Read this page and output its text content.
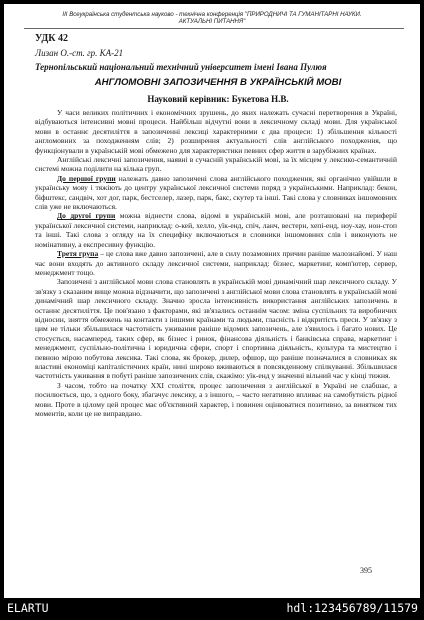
III Всеукраїнська студентська науково - технічна конференція "ПРИРОДНИЧІ ТА ГУМАНІТАРНІ НАУКИ.
АКТУАЛЬНІ ПИТАННЯ"
УДК 42
Лизан О.-ст. гр. КА-21
Тернопільський національний технічний університет імені Івана Пулюя
АНГЛОМОВНІ ЗАПОЗИЧЕННЯ В УКРАЇНСЬКІЙ МОВІ
Науковий керівник: Букетова Н.В.

У часи великих політичних і економічних зрушень, до яких належать сучасні перетворення в Україні, відбуваються інтенсивні мовні процеси. Найбільш відчутні вони в лексичному складі мови. Для української мови в останнє десятиліття в запозиченні лексиці характерними є два процеси: 1) збільшення кількості англомовних за походженням слів; 2) розширення актуальності слів англійського походження, що функціонували в українській мові обмежено для характеристики певних сфер життя в зарубіжних країнах.

Англійські лексичні запозичення, наявні в сучасній українській мові, за їх місцем у лексико-семантичній системі можна поділити на кілька груп.

До першої групи належать давно запозичені слова англійського походження, які органічно увійшли в українську мову і тяжіють до центру української лексичної системи поряд з українськими. Наприклад: бекон, біфштекс, сандвіч, хот дог, парк, бестселер, лазер, парк, бакс, скутер та інші. Такі слова у словниках іншомовних слів уже не включаються.

До другої групи можна віднести слова, відомі в українській мові, але розташовані на периферії української лексичної системи, наприклад: о-кей, хелло, уїк-енд, спіч, ланч, вестерн, хепі-енд, ноу-хау, нон-стоп та інші. Такі слова з огляду на їх специфіку включаються в словники іншомовних слів і виконують не номінативну, а експресивну функцію.

Третя група – це слова вже давно запозичені, але в силу позамовних причин раніше малознайомі. У наш час вони входять до активного складу лексичної системи, наприклад: бізнес, маркетинг, комп'ютер, сервер, менеджмент тощо.

Запозичені з англійської мови слова становлять в українській мові динамічний шар лексичного складу. У зв'язку з сказаним вище можна відзначити, що запозичені з англійської мови слова становлять в українській мові динамічний шар лексичного складу. Значно зросла інтенсивність використання англійських запозичень в останнє десятиліття. Це пов'язано з факторами, які зв'язались останнім часом: зміна суспільних та виробничих відносин, зняття обмежень на контакти з іншими країнами та людьми, гласність і відкритість преси. У зв'язку з цим не тільки збільшилася частотність уживання раніше відомих запозичень, але з'явилось і багато нових. Це стосується, насамперед, таких сфер, як бізнес і ринок, фінансова діяльність і банківська справа, маркетинг і менеджмент, суспільно-політична і юридична сфери, спорт і спортивна діяльність, культура та мистецтво і певною мірою побутова лексика. Такі слова, як брокер, дилер, офшор, що раніше позначалися в словниках як властиві економіці капіталістичних країн, нині широко вживаються в повсякденному спілкуванні. Збільшилася частотність уживання в побуті раніше запозичених слів, скажімо: уїк-енд у значенні вільний час у кінці тижня.

З часом, тобто на початку XXI століття, процес запозичення з англійської в Україні не слабшає, а посилюється, що, з одного боку, збагачує лексику, а з іншого, – часто негативно впливає на самобутність рідної мови. Проте в цілому цей процес має об'єктивний характер, і повинен оцінюватися позитивно, за винятком тих моментів, коли це не виправдано.

395
ELARTU	hdl:123456789/11579
